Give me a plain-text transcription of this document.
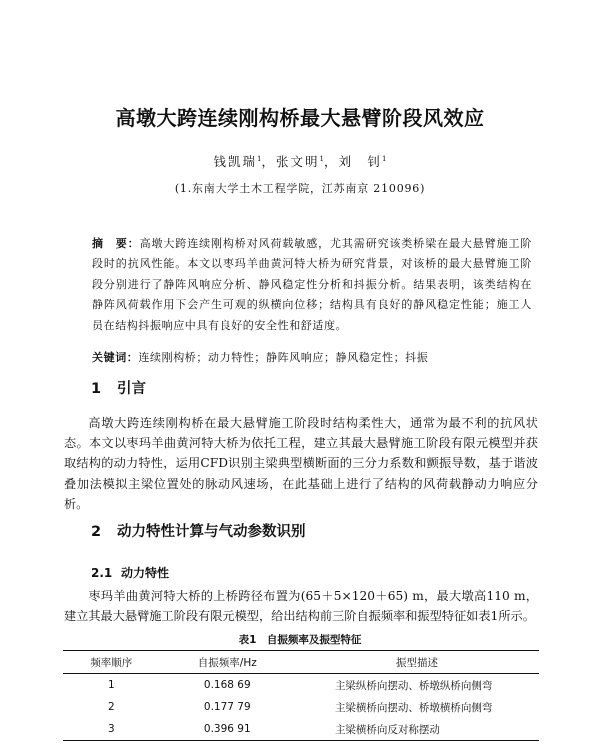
高墩大跨连续刚构桥最大悬臂阶段风效应
钱凯瑞$^1$，张文明$^1$，刘　钊$^1$
(1.东南大学土木工程学院，江苏南京 210096)
摘　要：高墩大跨连续刚构桥对风荷载敏感，尤其需研究该类桥梁在最大悬臂施工阶段时的抗风性能。本文以枣玛羊曲黄河特大桥为研究背景，对该桥的最大悬臂施工阶段分别进行了静阵风响应分析、静风稳定性分析和抖振分析。结果表明，该类结构在静阵风荷载作用下会产生可观的纵横向位移；结构具有良好的静风稳定性能；施工人员在结构抖振响应中具有良好的安全性和舒适度。
关键词：连续刚构桥；动力特性；静阵风响应；静风稳定性；抖振
1 引言
高墩大跨连续刚构桥在最大悬臂施工阶段时结构柔性大，通常为最不利的抗风状态。本文以枣玛羊曲黄河特大桥为依托工程，建立其最大悬臂施工阶段有限元模型并获取结构的动力特性，运用CFD识别主梁典型横断面的三分力系数和颤振导数，基于谐波叠加法模拟主梁位置处的脉动风速场，在此基础上进行了结构的风荷载静动力响应分析。
2 动力特性计算与气动参数识别
2.1 动力特性
枣玛羊曲黄河特大桥的上桥跨径布置为(65＋5×120＋65) m，最大墩高110 m，建立其最大悬臂施工阶段有限元模型，给出结构前三阶自振频率和振型特征如表1所示。
表1　自振频率及振型特征
频率顺序	自振频率/Hz	振型描述
1	0.168 69	主梁纵桥向摆动、桥墩纵桥向侧弯
2	0.177 79	主梁横桥向摆动、桥墩横桥向侧弯
3	0.396 91	主梁横桥向反对称摆动
